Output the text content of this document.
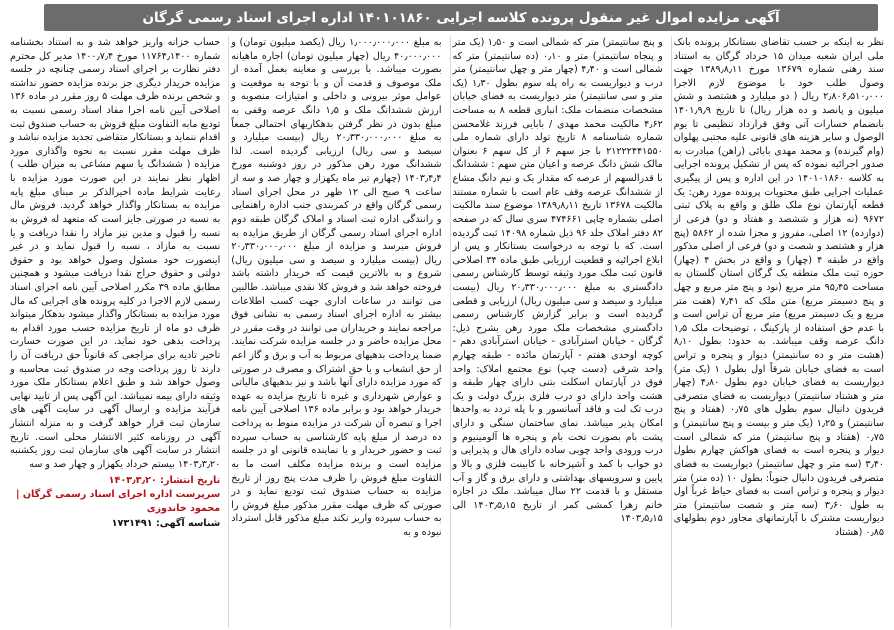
آگهی مزایده اموال غیر منقول پرونده کلاسه اجرایی ۱۴۰۱۰۱۸۶۰ اداره اجرای اسناد رسمی گرگان

نظر به اینکه بر حسب تقاضای بستانکار پرونده بانک ملی ایران شعبه میدان ۱۵ خرداد گرگان به استناد سند رهنی شماره ۱۳۶۷۹ مورخ ۱۳۸۹٫۸٫۱۱ جهت وصول طلب خود با موضوع لازم الاجرا ۲٫۸۰۶٫۵۱۰٫۰۰۰ ریال ( دو میلیارد و هشتصد و شش میلیون و پانصد و ده هزار ریال) تا تاریخ ۱۴۰۱٫۹٫۹ بانضمام خسارات آتی وفق قرارداد تنظیمی تا یوم الوصول و سایر هزینه های قانونی علیه مجتبی پهلوان (وام گیرنده) و محمد مهدی بابائی (راهن) مبادرت به صدور اجرائیه نموده که پس از تشکیل پرونده اجرایی به کلاسه ۱۴۰۱۰۱۸۶۰ در این اداره و پس از پیگیری عملیات اجرایی طبق محتویات پرونده مورد رهن: یک قطعه آپارتمان نوع ملک طلق و واقع به پلاک ثبتی ۹۶۷۲ (نه هزار و ششصد و هفتاد و دو) فرعی از (دوازده) ۱۲ اصلی، مفروز و مجزا شده از ۵۸۶۲ (پنج هزار و هشتصد و شصت و دو) فرعی از اصلی مذکور واقع در طبقه ۴ (چهار) و واقع در بخش ۴ (چهار) حوزه ثبت ملک منطقه یک گرگان استان گلستان به مساحت ۹۵٫۴۵ متر مربع (نود و پنج متر مربع و چهل و پنج دسیمتر مربع) متن ملک که ۷٫۴۱ (هفت متر مربع و یک دسیمتر مربع) متر مربع آن تراس است و با عدم حق استفاده از پارکینگ ، توضیحات ملک ۱٫۵ دانگ عرصه وقف میباشد. به حدود: بطول ۸٫۱۰ (هشت متر و ده سانتیمتر) دیوار و پنجره و تراس است به فضای خیابان شرقاً اول بطول ۱ (یک متر) دیواریست به فضای خیابان دوم بطول ۴٫۸۰ (چهار متر و هشتاد سانتیمتر) دیواریست به فضای متصرفی فریدون دانیال سوم بطول های ۰٫۷۵ (هفتاد و پنج سانتیمتر) و ۱٫۲۵ (یک متر و بیست و پنج سانتیمتر) و ۰٫۷۵ (هفتاد و پنج سانتیمتر) متر که شمالی است دیوار و پنجره است به فضای هواکش چهارم بطول ۳٫۴۰ (سه متر و چهل سانتیمتر) دیواریست به فضای متصرفی فریدون دانیال جنوباً: بطول ۱۰ (ده متر) متر دیوار و پنجره و تراس است به فضای حیاط غرباً اول به طول ۳٫۶۰ (سه متر و شصت سانتیمتر) متر دیواریست مشترک با آپارتمانهای مجاور دوم بطولهای ۰٫۸۵ (هشتاد

و پنج سانتیمتر) متر که شمالی است و ۱٫۵۰ (یک متر و پنجاه سانتیمتر) متر و ۰٫۱۰ (ده سانتیمتر) متر که شمالی است و ۴٫۴۰ (چهار متر و چهل سانتیمتر) متر درب و دیواریست به راه پله سوم بطول ۱٫۳۰ (یک متر و سی سانتیمتر) متر دیواریست به فضای خیابان مشخصات منضمات ملک: انباری قطعه ۸ به مساحت ۴٫۶۲ مالکیت محمد مهدی / بابایی فرزند غلامحسن شماره شناسنامه ۸ تاریخ تولد دارای شماره ملی ۲۱۲۲۲۴۴۱۵۵۰ با جز سهم ۶ از کل سهم ۶ بعنوان مالک شش دانگ عرصه و اعیان متن سهم : ششدانگ با قدرالسهم از عرصه که مقدار یک و نیم دانگ مشاع از ششدانگ عرصه وقف عام است با شماره مستند مالکیت ۱۳۶۷۸ تاریخ ۱۳۸۹٫۸٫۱۱ موضوع سند مالکیت اصلی بشماره چاپی ۴۷۴۶۶۱ سری سال که در صفحه ۸۲ دفتر املاک جلد ۹۶ ذیل شماره ۱۴۰۹۸ ثبت گردیده است. که با توجه به درخواست بستانکار و پس از ابلاغ اجرائیه و قطعیت ارزیابی طبق ماده ۳۴ اصلاحی قانون ثبت ملک مورد وثیقه توسط کارشناس رسمی دادگستری به مبلغ ۲۰٫۳۳۰٫۰۰۰٫۰۰۰ ریال (بیست میلیارد و سیصد و سی میلیون ریال) ارزیابی و قطعی گردیده است و برابر گزارش کارشناس رسمی دادگستری مشخصات ملک مورد رهن بشرح ذیل: گرگان - خیابان استرآبادی - خیابان استرآبادی دهم - کوچه اوحدی هفتم - آپارتمان مائده - طبقه چهارم واحد شرقی (دست چپ) نوع مجتمع املاک: واحد فوق در آپارتمان اسکلت بتنی دارای چهار طبقه و هشت واحد دارای دو درب فلزی بزرگ دولت و یک درب تک لت و فاقد آسانسور و با پله تردد به واحدها امکان پذیر میباشد. نمای ساختمان سنگی و دارای پشت بام بصورت تخت بام و پنجره ها آلومینیوم و درب ورودی واحد چوبی ساده دارای هال و پذیرایی و دو خواب با کمد و آشپزخانه با کابینت فلزی و بالا و پایین و سرویسهای بهداشتی و دارای برق و گاز و آب مستقل و با قدمت ۲۲ سال میباشد. ملک در اجاره خانم زهرا کمشی کمر از تاریخ ۱۴۰۳٫۵٫۱۵ الی ۱۴۰۳٫۵٫۱۵

به مبلغ ۱٫۰۰۰٫۰۰۰٫۰۰۰ ریال (یکصد میلیون تومان) و ۴۰٫۰۰۰٫۰۰۰ ریال (چهار میلیون تومان) اجاره ماهیانه بصورت میباشد. با بررسی و معاینه بعمل آمده از ملک موصوف و قدمت آن و با توجه به موقعیت و عوامل موثر بیرونی و داخلی و امتیازات منصوبه و ارزش ششدانگ ملک و ۱٫۵ دانگ عرصه وقفی به مبلغ بدون در نظر گرفتن بدهکاریهای احتمالی جمعاً به مبلغ ۲۰٫۳۳۰٫۰۰۰٫۰۰۰ ریال (بیست میلیارد و سیصد و سی ریال) ارزیابی گردیده است. لذا ششدانگ مورد رهن مذکور در روز دوشنبه مورخ ۱۴۰۳٫۴٫۴ (چهارم تیر ماه یکهزار و چهار صد و سه از ساعت ۹ صبح الی ۱۲ ظهر در محل اجرای اسناد رسمی گرگان واقع در کمربندی جنب اداره راهنمایی و رانندگی اداره ثبت اسناد و املاک گرگان طبقه دوم اداره اجرای اسناد رسمی گرگان از طریق مزایده به فروش میرسد و مزایده از مبلغ ۲۰٫۳۳۰٫۰۰۰٫۰۰۰ ریال (بیست میلیارد و سیصد و سی میلیون ریال) شروع و به بالاترین قیمت که خریدار داشته باشد فروخته خواهد شد و فروش کلا نقدی میباشد. طالبین می توانند در ساعات اداری جهت کسب اطلاعات بیشتر به اداره اجرای اسناد رسمی به نشانی فوق مراجعه نمایند و خریداران می توانند در وقت مقرر در محل مزایده حاضر و در جلسه مزایده شرکت نمایند. ضمنا پرداخت بدهیهای مربوط به آب و برق و گاز اعم از حق انشعاب و یا حق اشتراک و مصرف در صورتی که مورد مزایده دارای آنها باشد و نیز بدهیهای مالیاتی و عوارض شهرداری و غیره تا تاریخ مزایده به عهده خریدار خواهد بود و برابر ماده ۱۳۶ اصلاحی آیین نامه اجرا و تبصره آن شرکت در مزایده منوط به پرداخت ده درصد از مبلغ پایه کارشناسی به حساب سپرده ثبت و حضور خریدار و یا نماینده قانونی او در جلسه مزایده است و برنده مزایده مکلف است ما به التفاوت مبلغ فروش را ظرف مدت پنج روز از تاریخ مزایده به حساب صندوق ثبت تودیع نماید و در صورتی که ظرف مهلت مقرر مذکور مبلغ فروش را به حساب سپرده واریز نکند مبلغ مذکور قابل استرداد نبوده و به

حساب خزانه واریز خواهد شد و به استناد بخشنامه شماره ۱۱۷۶۴٫۱۴۰۰ مورخ ۱۴۰۰٫۷٫۴ مدیر کل محترم دفتر نظارت بر اجرای اسناد رسمی چنانچه در جلسه مزایده خریدار دیگری جز برنده مزایده حضور نداشته و شخص برنده ظرف مهلت ۵ روز مقرر در ماده ۱۳۶ اصلاحی آیین نامه اجرا مفاد اسناد رسمی نسبت به تودیع مابه التفاوت مبلغ فروش به حساب صندوق ثبت اقدام ننماید و بستانکار متقاضی تجدید مزایده نباشد و ظرف مهلت مقرر نسبت به نحوه واگذاری مورد مزایده ( ششدانگ یا سهم مشاعی به میزان طلب ) اظهار نظر نمایند در این صورت مورد مزایده با رعایت شرایط ماده اخیرالذکر بر مبنای مبلغ پایه مزایده به بستانکار واگذار خواهد گردید. فروش مال به نسبه در صورتی جایز است که متعهد له فروش به نسبه را قبول و مدین نیز مازاد را نقدا دریافت و یا نسبت به مازاد ، نسبه را قبول نماید و در غیر اینصورت خود مسئول وصول خواهد بود و حقوق دولتی و حقوق حراج نقدا دریافت میشود و همچنین مطابق ماده ۳۹ مکرر اصلاحی آیین نامه اجرای اسناد رسمی لازم الاجرا در کلیه پرونده های اجرایی که مال مورد مزایده به بستانکار واگذار میشود بدهکار میتواند ظرف دو ماه از تاریخ مزایده حسب مورد اقدام به پرداخت بدهی خود نماید. در این صورت خسارت تاخیر تادیه برای مراجعی که قانوناً حق دریافت آن را دارند تا روز پرداخت وجه در صندوق ثبت محاسبه و وصول خواهد شد و طبق اعلام بستانکار ملک مورد وثیقه دارای بیمه نمیباشد. این آگهی پس از تایید نهایی فرآیند مزایده و ارسال آگهی در سایت آگهی های سازمان ثبت قرار خواهد گرفت و به منزله انتشار آگهی در روزنامه کثیر الانتشار محلی است. تاریخ انتشار در سایت آگهی های سازمان ثبت روز یکشنبه ۱۴۰۳٫۳٫۲۰ بیستم خرداد یکهزار و چهار صد و سه

تاریخ انتشار: ۱۴۰۳٫۳٫۲۰
سرپرست اداره اجرای اسناد رسمی گرگان | محمود خاندوزی
شناسه آگهی: ۱۷۳۱۴۹۱
